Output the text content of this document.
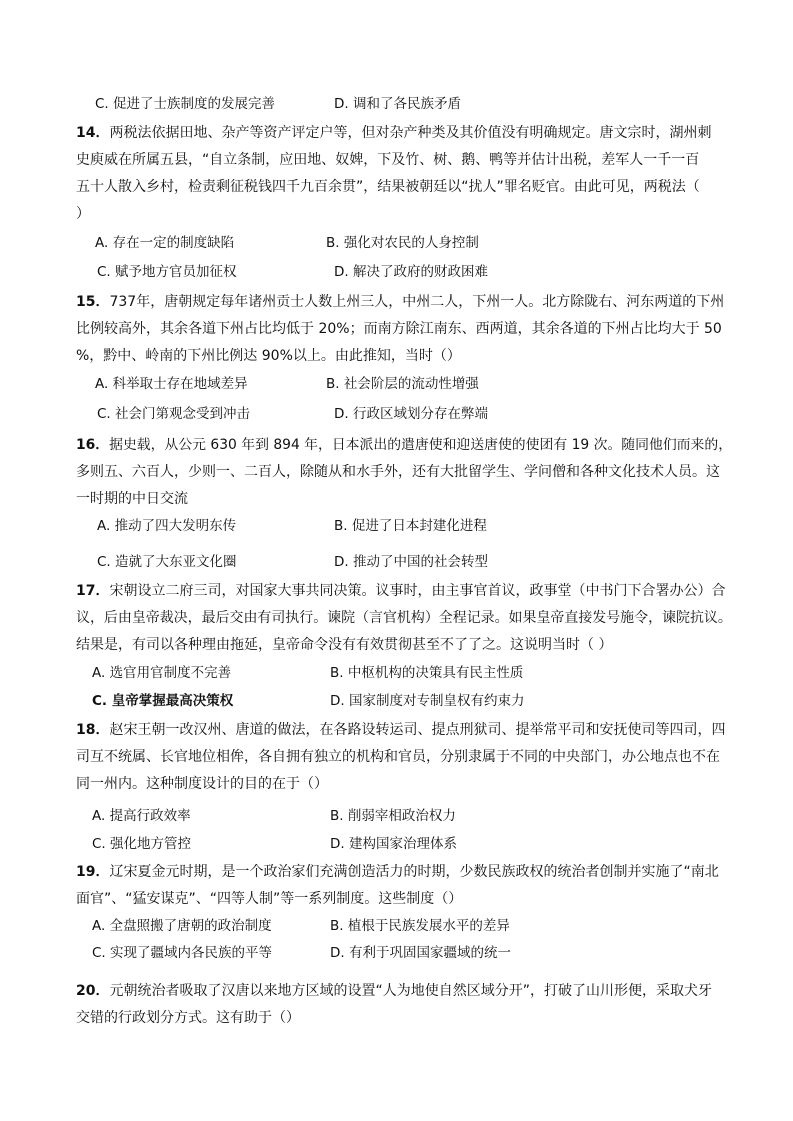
C. 促进了士族制度的发展完善	D. 调和了各民族矛盾
14．两税法依据田地、杂产等资产评定户等，但对杂产种类及其价值没有明确规定。唐文宗时，湖州刺
史庾威在所属五县，“自立条制，应田地、奴婢，下及竹、树、鹅、鸭等并估计出税，差军人一千一百
五十人散入乡村，检责剩征税钱四千九百余贯”，结果被朝廷以“扰人”罪名贬官。由此可见，两税法（
）
A. 存在一定的制度缺陷	B. 强化对农民的人身控制
C. 赋予地方官员加征权	D. 解决了政府的财政困难
15．737年，唐朝规定每年诸州贡士人数上州三人，中州二人，下州一人。北方除陇右、河东两道的下州
比例较高外，其余各道下州占比均低于 20%；而南方除江南东、西两道，其余各道的下州占比均大于 50
%，黔中、岭南的下州比例达 90%以上。由此推知，当时（）
A. 科举取士存在地域差异	B. 社会阶层的流动性增强
C. 社会门第观念受到冲击	D. 行政区域划分存在弊端
16．据史载，从公元 630 年到 894 年，日本派出的遣唐使和迎送唐使的使团有 19 次。随同他们而来的，
多则五、六百人，少则一、二百人，除随从和水手外，还有大批留学生、学问僧和各种文化技术人员。这
一时期的中日交流
A. 推动了四大发明东传	B. 促进了日本封建化进程
C. 造就了大东亚文化圈	D. 推动了中国的社会转型
17．宋朝设立二府三司，对国家大事共同决策。议事时，由主事官首议，政事堂（中书门下合署办公）合
议，后由皇帝裁决，最后交由有司执行。谏院（言官机构）全程记录。如果皇帝直接发号施令，谏院抗议。
结果是，有司以各种理由拖延，皇帝命令没有有效贯彻甚至不了了之。这说明当时（ ）
A. 选官用官制度不完善	B. 中枢机构的决策具有民主性质
C. 皇帝掌握最高决策权	D. 国家制度对专制皇权有约束力
18．赵宋王朝一改汉州、唐道的做法，在各路设转运司、提点刑狱司、提举常平司和安抚使司等四司，四
司互不统属、长官地位相侔，各自拥有独立的机构和官员，分别隶属于不同的中央部门，办公地点也不在
同一州内。这种制度设计的目的在于（）
A. 提高行政效率	B. 削弱宰相政治权力
C. 强化地方管控	D. 建构国家治理体系
19．辽宋夏金元时期，是一个政治家们充满创造活力的时期，少数民族政权的统治者创制并实施了“南北
面官”、“猛安谋克”、“四等人制”等一系列制度。这些制度（）
A. 全盘照搬了唐朝的政治制度	B. 植根于民族发展水平的差异
C. 实现了疆域内各民族的平等	D. 有利于巩固国家疆域的统一
20．元朝统治者吸取了汉唐以来地方区域的设置“人为地使自然区域分开”，打破了山川形便，采取犬牙
交错的行政划分方式。这有助于（）
